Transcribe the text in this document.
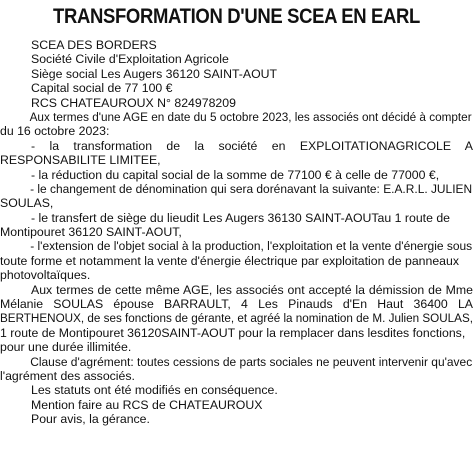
TRANSFORMATION D'UNE SCEA EN EARL
SCEA DES BORDERS
Société Civile d'Exploitation Agricole
Siège social Les Augers 36120 SAINT-AOUT
Capital social de 77 100 €
RCS CHATEAUROUX N° 824978209
Aux termes d'une AGE en date du 5 octobre 2023, les associés ont décidé à compter
du 16 octobre 2023:
- la transformation de la société en EXPLOITATIONAGRICOLE A
RESPONSABILITE LIMITEE,
- la réduction du capital social de la somme de 77100 € à celle de 77000 €,
- le changement de dénomination qui sera dorénavant la suivante: E.A.R.L. JULIEN
SOULAS,
- le transfert de siège du lieudit Les Augers 36130 SAINT-AOUTau 1 route de
Montipouret 36120 SAINT-AOUT,
- l'extension de l'objet social à la production, l'exploitation et la vente d'énergie sous
toute forme et notamment la vente d'énergie électrique par exploitation de panneaux
photovoltaïques.
Aux termes de cette même AGE, les associés ont accepté la démission de Mme
Mélanie SOULAS épouse BARRAULT, 4 Les Pinauds d'En Haut 36400 LA
BERTHENOUX, de ses fonctions de gérante, et agréé la nomination de M. Julien SOULAS,
1 route de Montipouret 36120SAINT-AOUT pour la remplacer dans lesdites fonctions,
pour une durée illimitée.
Clause d'agrément: toutes cessions de parts sociales ne peuvent intervenir qu'avec
l'agrément des associés.
Les statuts ont été modifiés en conséquence.
Mention faire au RCS de CHATEAUROUX
Pour avis, la gérance.
